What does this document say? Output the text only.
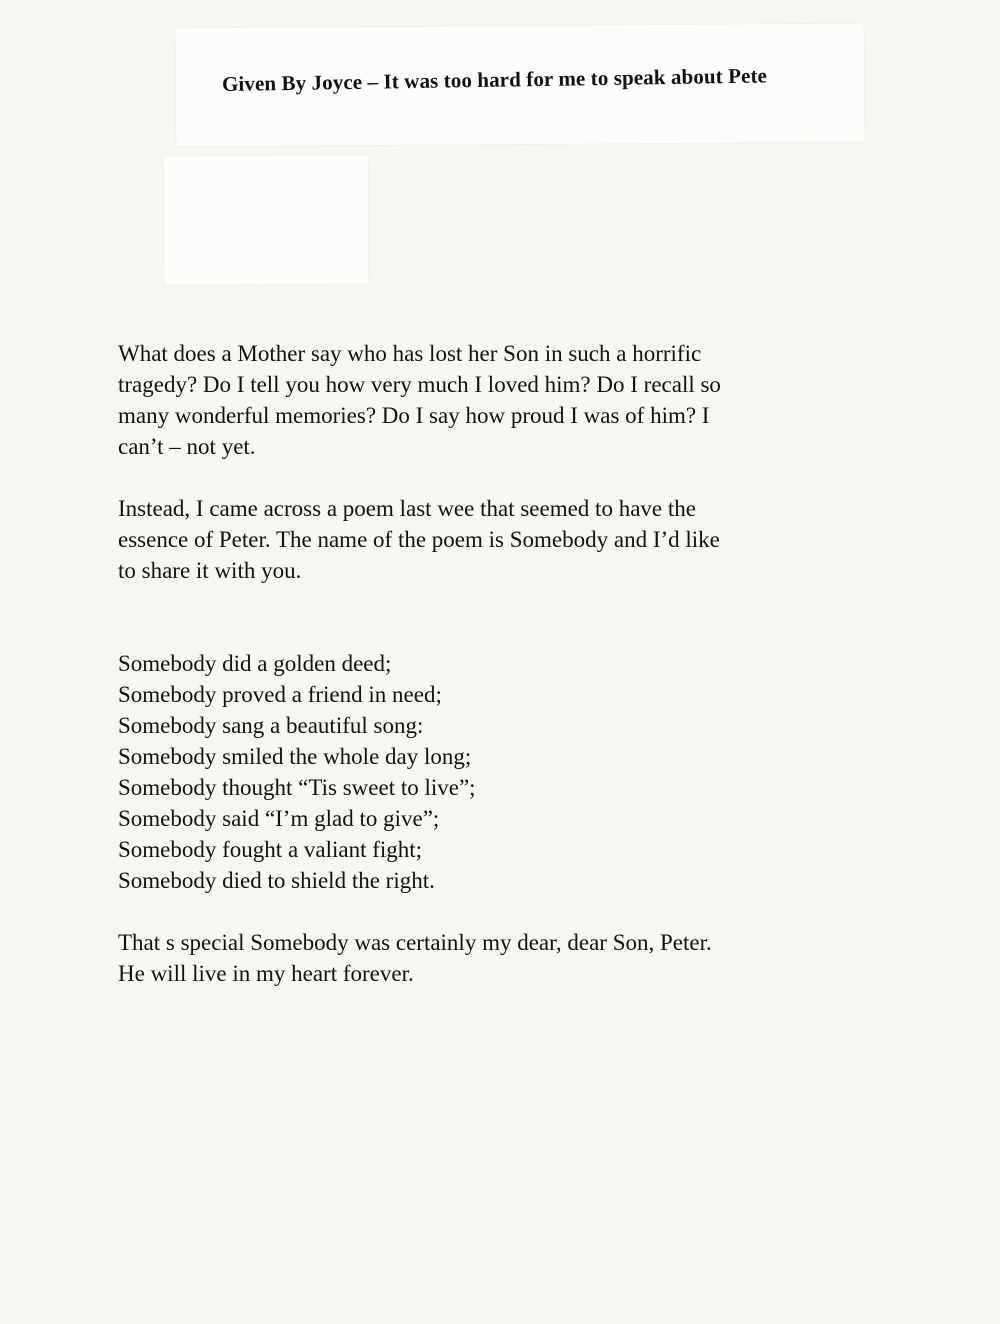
Given By Joyce – It was too hard for me to speak about Pete

What does a Mother say who has lost her Son in such a horrific
tragedy? Do I tell you how very much I loved him? Do I recall so
many wonderful memories? Do I say how proud I was of him? I
can’t – not yet.

Instead, I came across a poem last wee that seemed to have the
essence of Peter. The name of the poem is Somebody and I’d like
to share it with you.

Somebody did a golden deed;
Somebody proved a friend in need;
Somebody sang a beautiful song:
Somebody smiled the whole day long;
Somebody thought “Tis sweet to live”;
Somebody said “I’m glad to give”;
Somebody fought a valiant fight;
Somebody died to shield the right.

That s special Somebody was certainly my dear, dear Son, Peter.
He will live in my heart forever.
